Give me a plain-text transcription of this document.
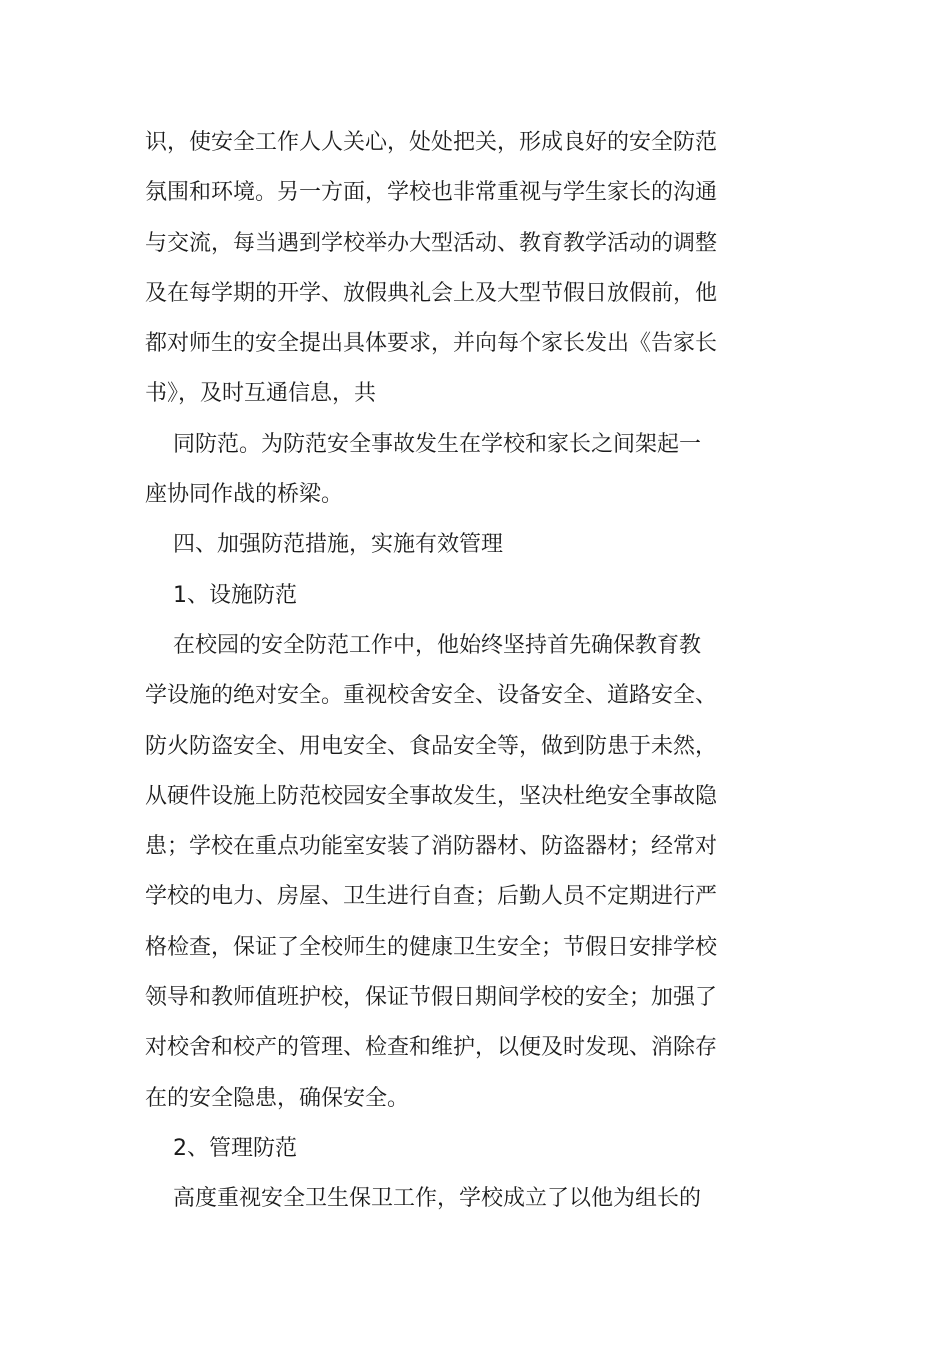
识，使安全工作人人关心，处处把关，形成良好的安全防范

氛围和环境。另一方面，学校也非常重视与学生家长的沟通

与交流，每当遇到学校举办大型活动、教育教学活动的调整

及在每学期的开学、放假典礼会上及大型节假日放假前，他

都对师生的安全提出具体要求，并向每个家长发出《告家长

书》，及时互通信息，共

同防范。为防范安全事故发生在学校和家长之间架起一

座协同作战的桥梁。

四、加强防范措施，实施有效管理

1、设施防范

在校园的安全防范工作中，他始终坚持首先确保教育教

学设施的绝对安全。重视校舍安全、设备安全、道路安全、

防火防盗安全、用电安全、食品安全等，做到防患于未然，

从硬件设施上防范校园安全事故发生，坚决杜绝安全事故隐

患；学校在重点功能室安装了消防器材、防盗器材；经常对

学校的电力、房屋、卫生进行自查；后勤人员不定期进行严

格检查，保证了全校师生的健康卫生安全；节假日安排学校

领导和教师值班护校，保证节假日期间学校的安全；加强了

对校舍和校产的管理、检查和维护，以便及时发现、消除存

在的安全隐患，确保安全。

2、管理防范

高度重视安全卫生保卫工作，学校成立了以他为组长的
